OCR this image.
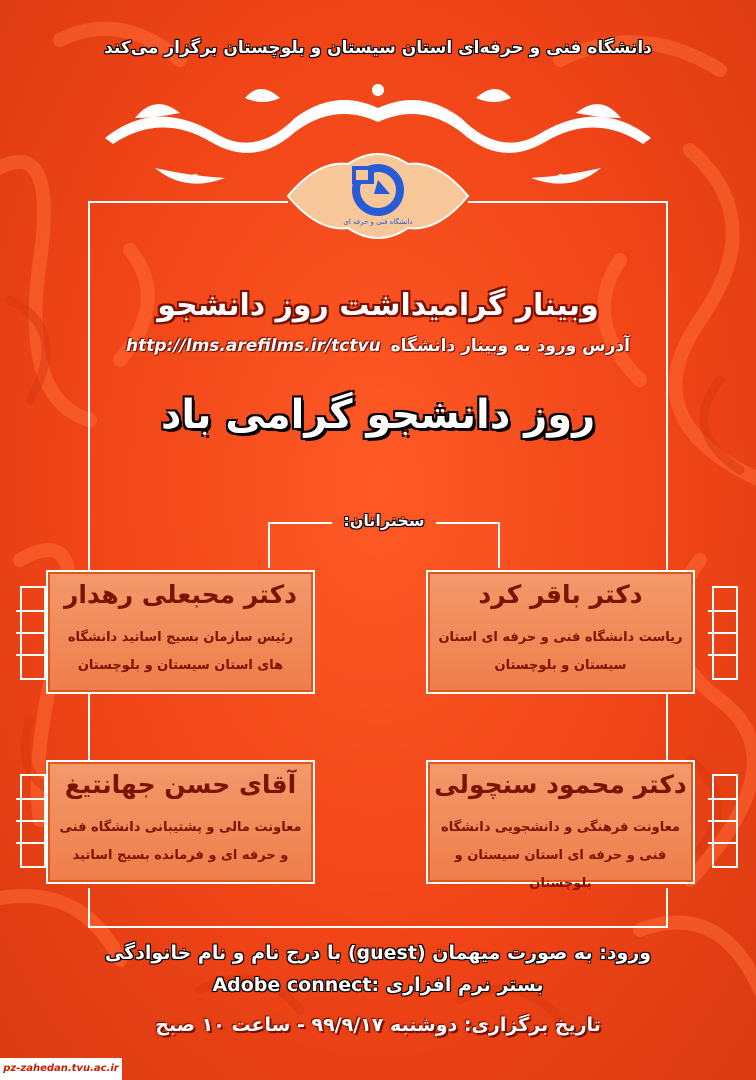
دانشگاه فنی و حرفه‌ای استان سیستان و بلوچستان برگزار می‌کند
دانشگاه فنی و حرفه ای
وبینار گرامیداشت روز دانشجو
آدرس ورود به وبینار دانشگاه http://lms.arefilms.ir/tctvu
روز دانشجو گرامی باد
سخنرانان:
دکتر باقر کرد
ریاست دانشگاه فنی و حرفه ای استان سیستان و بلوچستان
دکتر محبعلی رهدار
رئیس سازمان بسیج اساتید دانشگاه های استان سیستان و بلوچستان
دکتر محمود سنچولی
معاونت فرهنگی و دانشجویی دانشگاه فنی و حرفه ای استان سیستان و بلوچستان
آقای حسن جهانتیغ
معاونت مالی و پشتیبانی دانشگاه فنی و حرفه ای و فرمانده بسیج اساتید
ورود: به صورت میهمان (guest) با درج نام و نام خانوادگی
بستر نرم افزاری :Adobe connect
تاریخ برگزاری: دوشنبه ۹۹/۹/۱۷ - ساعت ۱۰ صبح
pz-zahedan.tvu.ac.ir
